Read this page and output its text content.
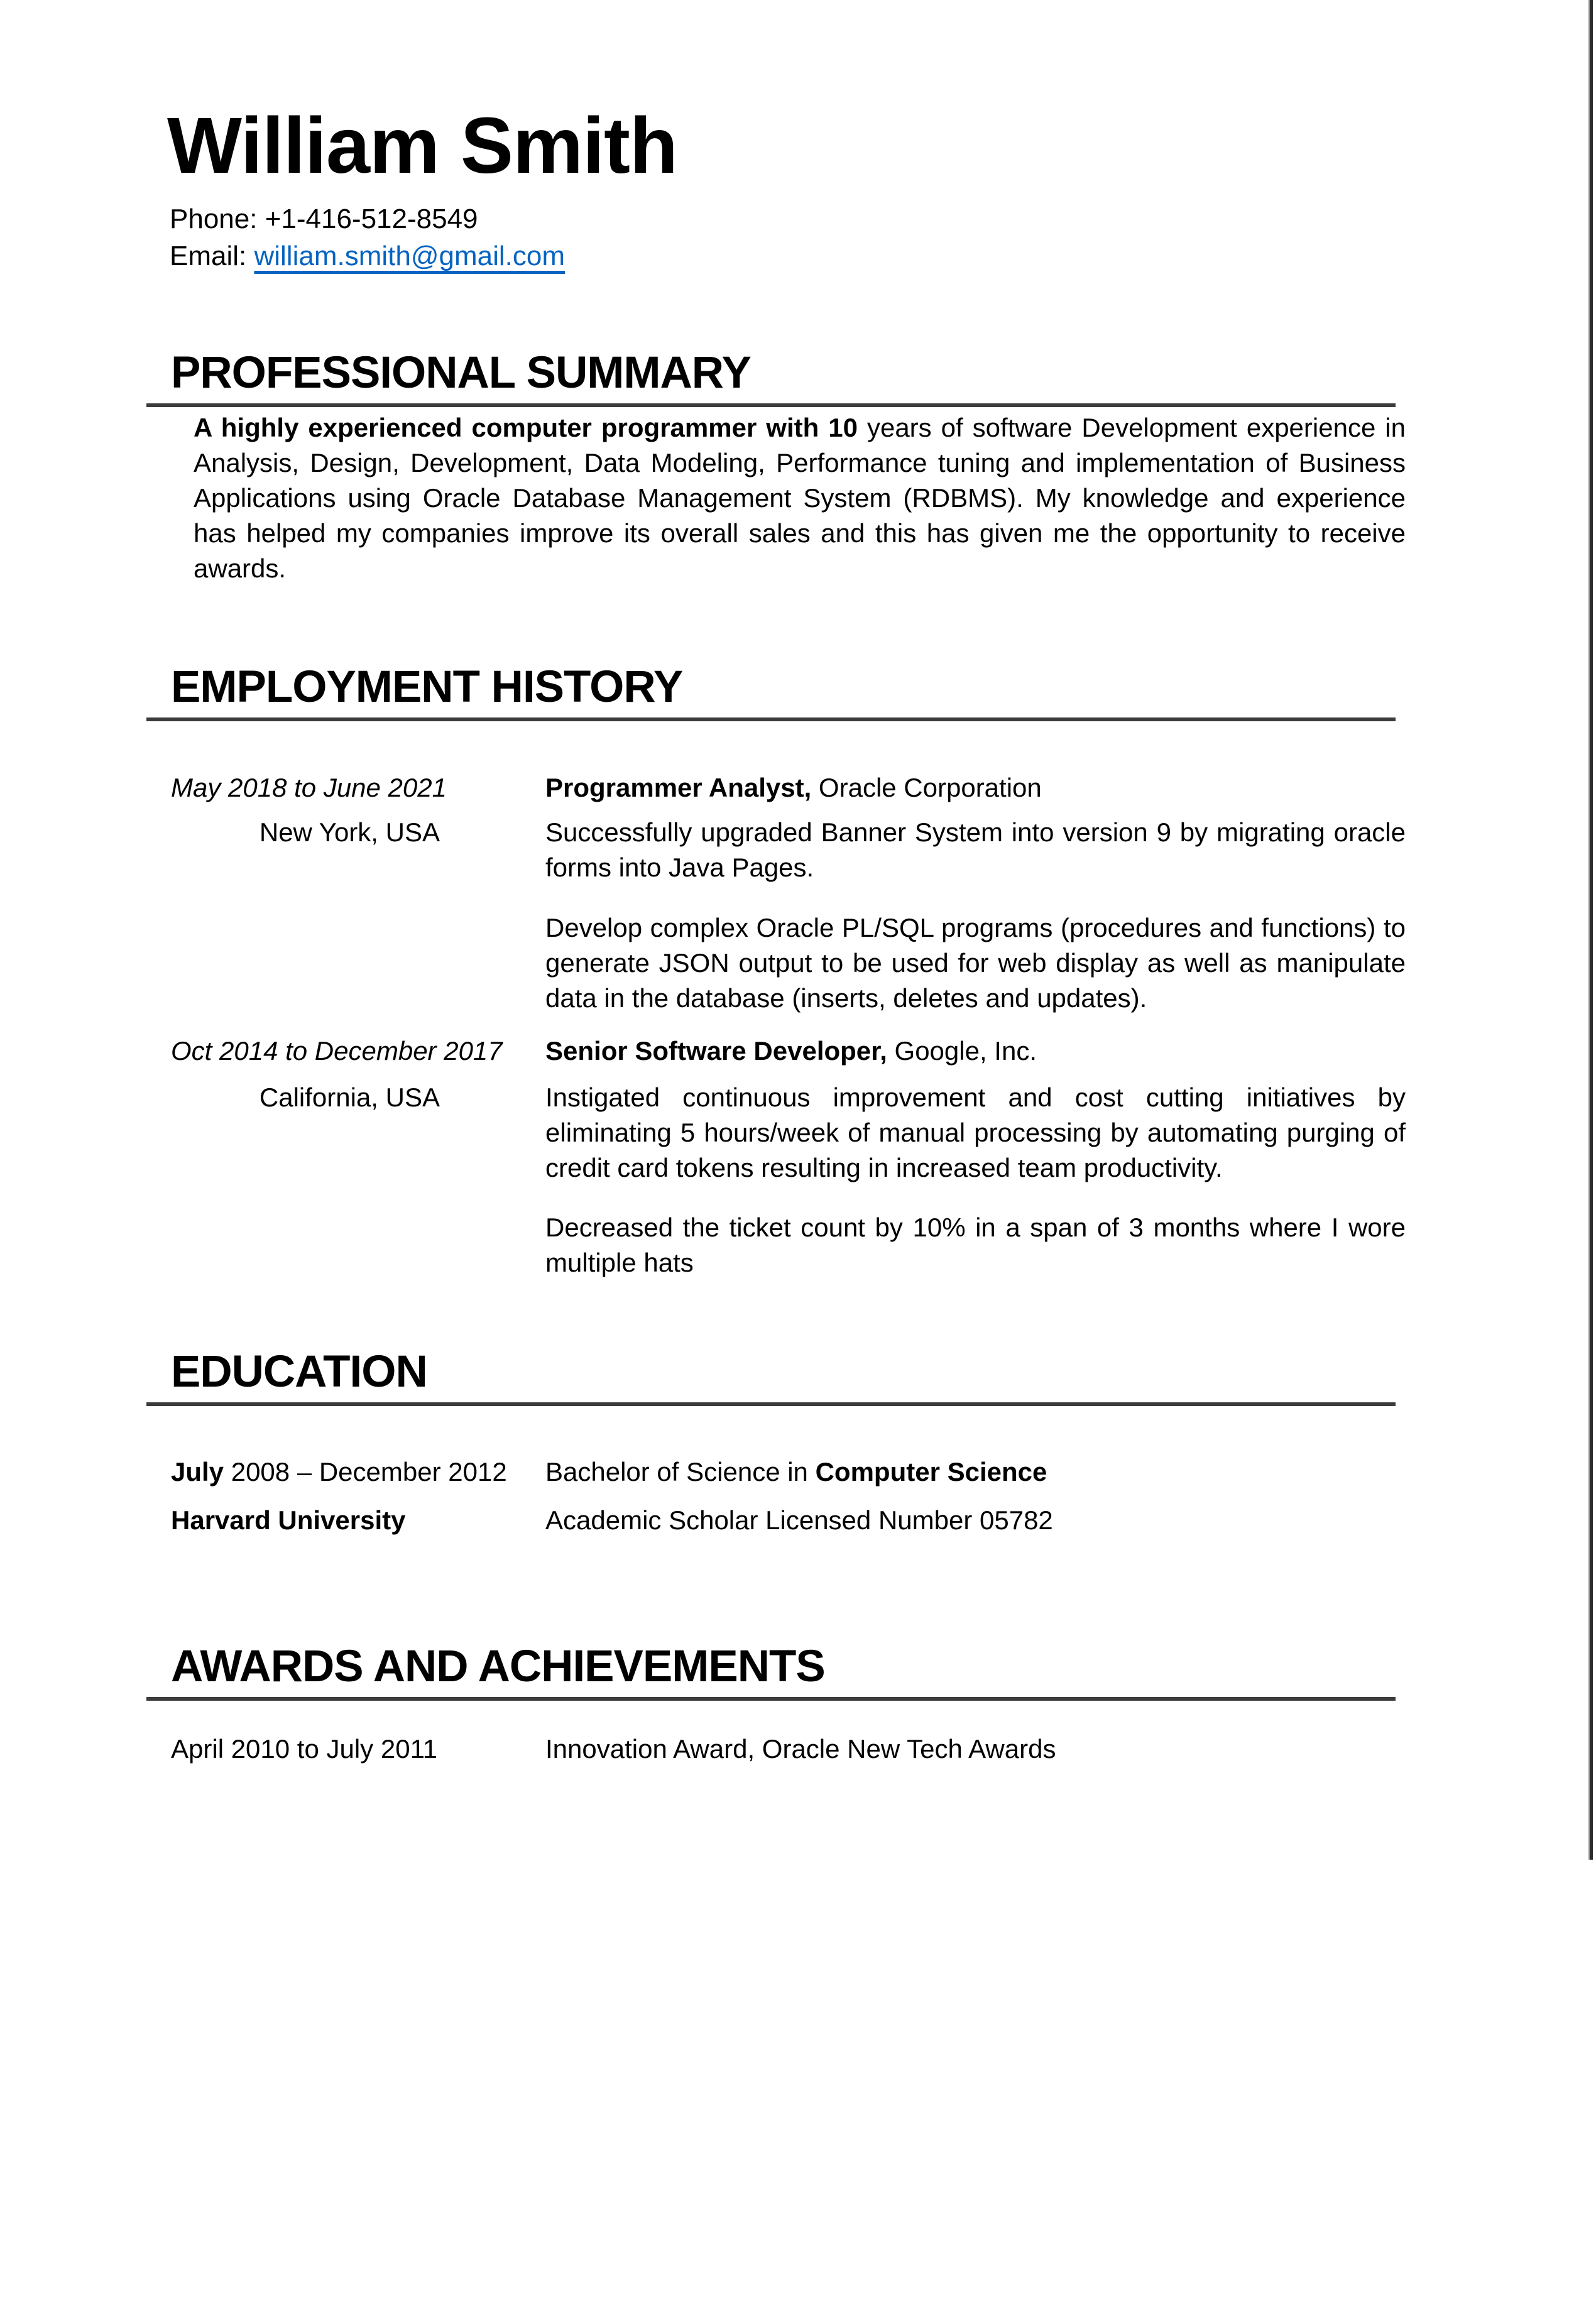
William Smith
Phone: +1-416-512-8549
Email: william.smith@gmail.com
PROFESSIONAL SUMMARY

A highly experienced computer programmer with 10 years of software Development experience in Analysis, Design, Development, Data Modeling, Performance tuning and implementation of Business Applications using Oracle Database Management System (RDBMS). My knowledge and experience has helped my companies improve its overall sales and this has given me the opportunity to receive awards.

EMPLOYMENT HISTORY
May 2018 to June 2021	Programmer Analyst, Oracle Corporation
New York, USA	Successfully upgraded Banner System into version 9 by migrating oracle forms into Java Pages.
Develop complex Oracle PL/SQL programs (procedures and functions) to generate JSON output to be used for web display as well as manipulate data in the database (inserts, deletes and updates).
Oct 2014 to December 2017 Senior Software Developer, Google, Inc.
California, USA	Instigated continuous improvement and cost cutting initiatives by eliminating 5 hours/week of manual processing by automating purging of credit card tokens resulting in increased team productivity.
Decreased the ticket count by 10% in a span of 3 months where I wore multiple hats
EDUCATION
July 2008 – December 2012 Bachelor of Science in Computer Science
Harvard University	Academic Scholar Licensed Number 05782
AWARDS AND ACHIEVEMENTS
April 2010 to July 2011	Innovation Award, Oracle New Tech Awards
